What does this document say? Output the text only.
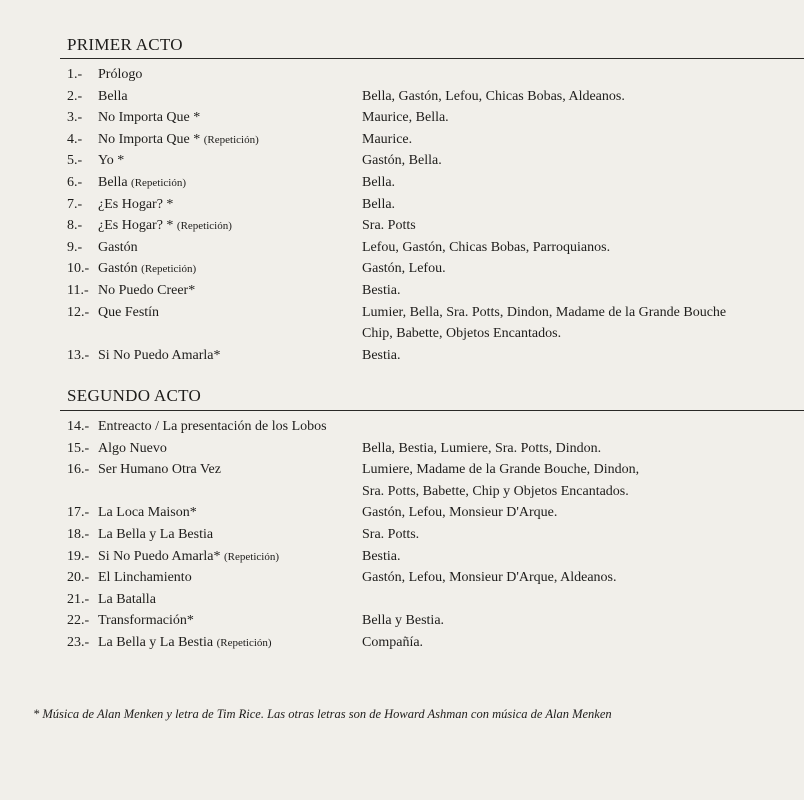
PRIMER ACTO
1.- Prólogo
2.- Bella	Bella, Gastón, Lefou, Chicas Bobas, Aldeanos.
3.- No Importa Que *	Maurice, Bella.
4.- No Importa Que * (Repetición)	Maurice.
5.- Yo *	Gastón, Bella.
6.- Bella (Repetición)	Bella.
7.- ¿Es Hogar? *	Bella.
8.- ¿Es Hogar? * (Repetición)	Sra. Potts
9.- Gastón	Lefou, Gastón, Chicas Bobas, Parroquianos.
10.- Gastón (Repetición)	Gastón, Lefou.
11.- No Puedo Creer*	Bestia.
12.- Que Festín	Lumier, Bella, Sra. Potts, Dindon, Madame de la Grande Bouche
Chip, Babette, Objetos Encantados.
13.- Si No Puedo Amarla*	Bestia.
SEGUNDO ACTO
14.- Entreacto / La presentación de los Lobos
15.- Algo Nuevo	Bella, Bestia, Lumiere, Sra. Potts, Dindon.
16.- Ser Humano Otra Vez	Lumiere, Madame de la Grande Bouche, Dindon,
Sra. Potts, Babette, Chip y Objetos Encantados.
17.- La Loca Maison*	Gastón, Lefou, Monsieur D'Arque.
18.- La Bella y La Bestia	Sra. Potts.
19.- Si No Puedo Amarla* (Repetición)	Bestia.
20.- El Linchamiento	Gastón, Lefou, Monsieur D'Arque, Aldeanos.
21.- La Batalla
22.- Transformación*	Bella y Bestia.
23.- La Bella y La Bestia (Repetición)	Compañía.

* Música de Alan Menken y letra de Tim Rice. Las otras letras son de Howard Ashman con música de Alan Menken
